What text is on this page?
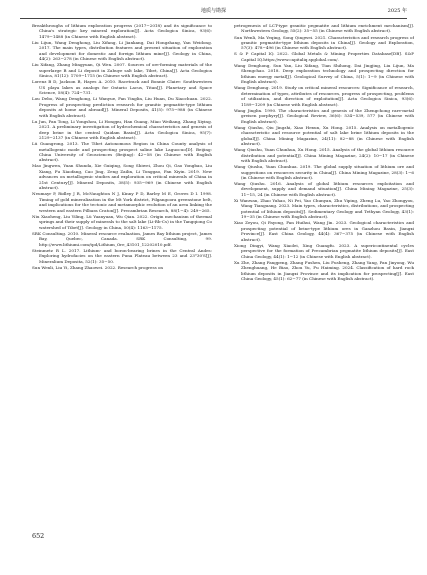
地质与勘探	2025 年

Breakthroughs of lithium exploration progress (2017−2018) and its significance to China's strategic key mineral exploration[J]. Acta Geologica Sinica, 93(6): 1479−1488 (in Chinese with English abstract).

Liu Lijun, Wang Denghong, Liu Xifang, Li Jiankang, Dai Hongzhang, Yan Weidong. 2017. The main types, distribution features and present situation of exploration and development for domestic and foreign lithium mine[J]. Geology in China, 44(2): 263−278 (in Chinese with English abstract).

Liu Xifang, Zhang Mingyuan, Qi Wen. 2007. Sources of ore-forming materials of the superlarge B and Li deposit in Zabuye salt lake, Tibet, China[J]. Acta Geologica Sinica, 81(12): 1709−1715 (in Chinese with English abstract).

Lorenz B D, Jackson B, Hayes A. 2010. Racetrack and Bonnie Claire: Southwestern US playa lakes as analogs for Ontario Lacus, Titan[J]. Planetary and Space Science, 58(4): 724−731.

Lou Debo, Wang Denghong, Li Wanyue, Fan Yinglin, Liu Huan, Du Xiaochuan. 2022. Progress of prospecting prediction research for granitic pegmatite-type lithium deposits at home and abroad[J]. Mineral Deposits, 41(5): 975−988 (in Chinese with English abstract).

Lu Jun, Pan Tong, Li Yongshou, Li Hongpu, Han Guang, Miao Weiliang, Zhang Xiying. 2021. A preliminary investigation of hydrochemical characteristics and genesis of deep brine in the central Qaidam Basin[J]. Acta Geologica Sinica, 95(7): 2129−2137 (in Chinese with English abstract).

Lü Guangrong. 2013. The Tibet Autonomous Region in China County analysis of metallogenic mode and prospecting prospect saline lake Laguocuo[D]. Beijing: China University of Geosciences (Beijing): 42−58 (in Chinese with English abstract).

Mao Jingwen, Yuan Shunda, Xie Guiqing, Song Shiwei, Zhou Qi, Gao Yongbao, Liu Xiang, Fu Xiaofang, Cao Jing, Zeng Zailin, Li Tonggao, Fan Xiyin. 2019. New advances on metallogenic studies and exploration on critical minerals of China in 21st Century[J]. Mineral Deposits, 38(5): 935−969 (in Chinese with English abstract).

Neumayr P, Ridley J R, McNaughton N J, Kinny P D, Barley M E, Groves D I. 1998. Timing of gold mineralization in the Mt York district, Pilgangoora greenstone belt, and implications for the tectonic and metamorphic evolution of an area linking the western and eastern Pilbara Craton[J]. Precambrian Research, 88(1−4): 249−265.

Niu Xiaoheng, Liu Yiling, Lü Yuanyuan, Wu Qian. 2022. Origin mechanism of thermal springs and their supply of minerals to the salt lake (Li-Rb-Cs) in the Tangqiong Co watershed of Tibet[J]. Geology in China, 50(4): 1163−1175.

SRK Consulting. 2010. Mineral resource evaluation, James Bay lithium project, James Bay, Quebec, Canada. SRK Consulting, 99. http://www.lithiumi.com/tpd/Lithium_Ore_43101_12202010.pdf.

Steinmetz R L. 2017. Lithium- and boron-bearing brines in the Central Andes: Exploring hydrofacies on the eastern Puna Plateau between 23 and 23°30′S[J]. Mineralium Deposita, 52(1): 35−50.

Sun Wenli, Liu Yi, Zhang Zhaowei. 2022. Research progress on

petrogenesis of LCT-type granitic pegmatite and lithium enrichment mechanism[J]. Northwestern Geology, 55(2): 35−55 (in Chinese with English abstract).

Sun Wenli, Ma Yeqing, Song Qingwei. 2021. Characteristics and research progress of granitic pegmatite-type lithium deposits in China[J]. Geology and Exploration, 57(3): 478−496 (in Chinese with English abstract).

S & P Capital IQ. 2022. Global Metals & Mining Properties Database[DB]. S&P Capital IQ.https://www.capitaliq.spglobal.com/.

Wang Denghong, Sun Yan, Liu Xifang, Tian Shihong, Dai Jingjing, Liu Lijun, Ma Shengchao. 2018. Deep exploration technology and prospecting direction for lithium energy metal[J]. Geological Survey of China, 5(1): 1−9 (in Chinese with English abstract).

Wang Denghong. 2019. Study on critical mineral resources: Significance of research, determination of types, attributes of resources, progress of prospecting, problems of utilization, and direction of exploitation[J]. Acta Geologica Sinica, 93(6): 1189−1209 (in Chinese with English abstract).

Wang Jinglin. 1990. The characteristics and genesis of the Zhengchong rare-metal greisen porphyry[J]. Geological Review, 36(6): 534−539, 577 (in Chinese with English abstract).

Wang Qiushu, Qiu Jingzhi, Xiao Hexun, Xu Hong. 2015. Analysis on metallogenic characteristic and resource potential of salt lake brine lithium deposits in the global[J]. China Mining Magazine, 24(11): 82−88 (in Chinese with English abstract).

Wang Qiushu, Yuan Chunhua, Xu Hong. 2015. Analysis of the global lithium resource distribution and potential[J]. China Mining Magazine, 24(2): 10−17 (in Chinese with English abstract).

Wang Qiushu, Yuan Chunhua. 2019. The global supply situation of lithium ore and suggestions on resources security in China[J]. China Mining Magazine, 28(3): 1−6 (in Chinese with English abstract).

Wang Qiushu. 2016. Analysis of global lithium resources exploitation and development, supply and demand situation[J]. China Mining Magazine, 25(3): 11−15, 24 (in Chinese with English abstract).

Xi Wanwan, Zhao Yuhao, Ni Pei, Yao Chunyan, Zhu Yiping, Zheng Lu, Yao Zhongyou, Wang Tianguang. 2023. Main types, characteristics, distributions, and prospecting potential of lithium deposits[J]. Sedimentary Geology and Tethyan Geology, 43(1): 19−35 (in Chinese with English abstract).

Xiao Zeyou, Qi Fayong, Fan Huihui, Wang Jin. 2023. Geological characteristics and prospecting potential of brine-type lithium ores in Ganzhou Basin, Jiangxi Province[J]. East China Geology, 44(4): 367−375 (in Chinese with English abstract).

Xiong Dingyi, Wang Xiaolei, Xing Guangfu. 2023. A supericontinental cycles perspective for the formation of Precambrian pegmatite lithium deposits[J]. East China Geology, 44(1): 1−12 (in Chinese with English abstract).

Xu Zhe, Zhang Fangpeng, Zhang Fushen, Liu Fusheng, Zhang Yang, Pan Jinyong, Wu Zhenghuang, He Biao, Zhou Yu, Fu Haiming. 2024. Classification of hard rock lithium deposits in Jiangxi Province and its implication for prospecting[J]. East China Geology, 45(1): 62−77 (in Chinese with English abstract).

652
